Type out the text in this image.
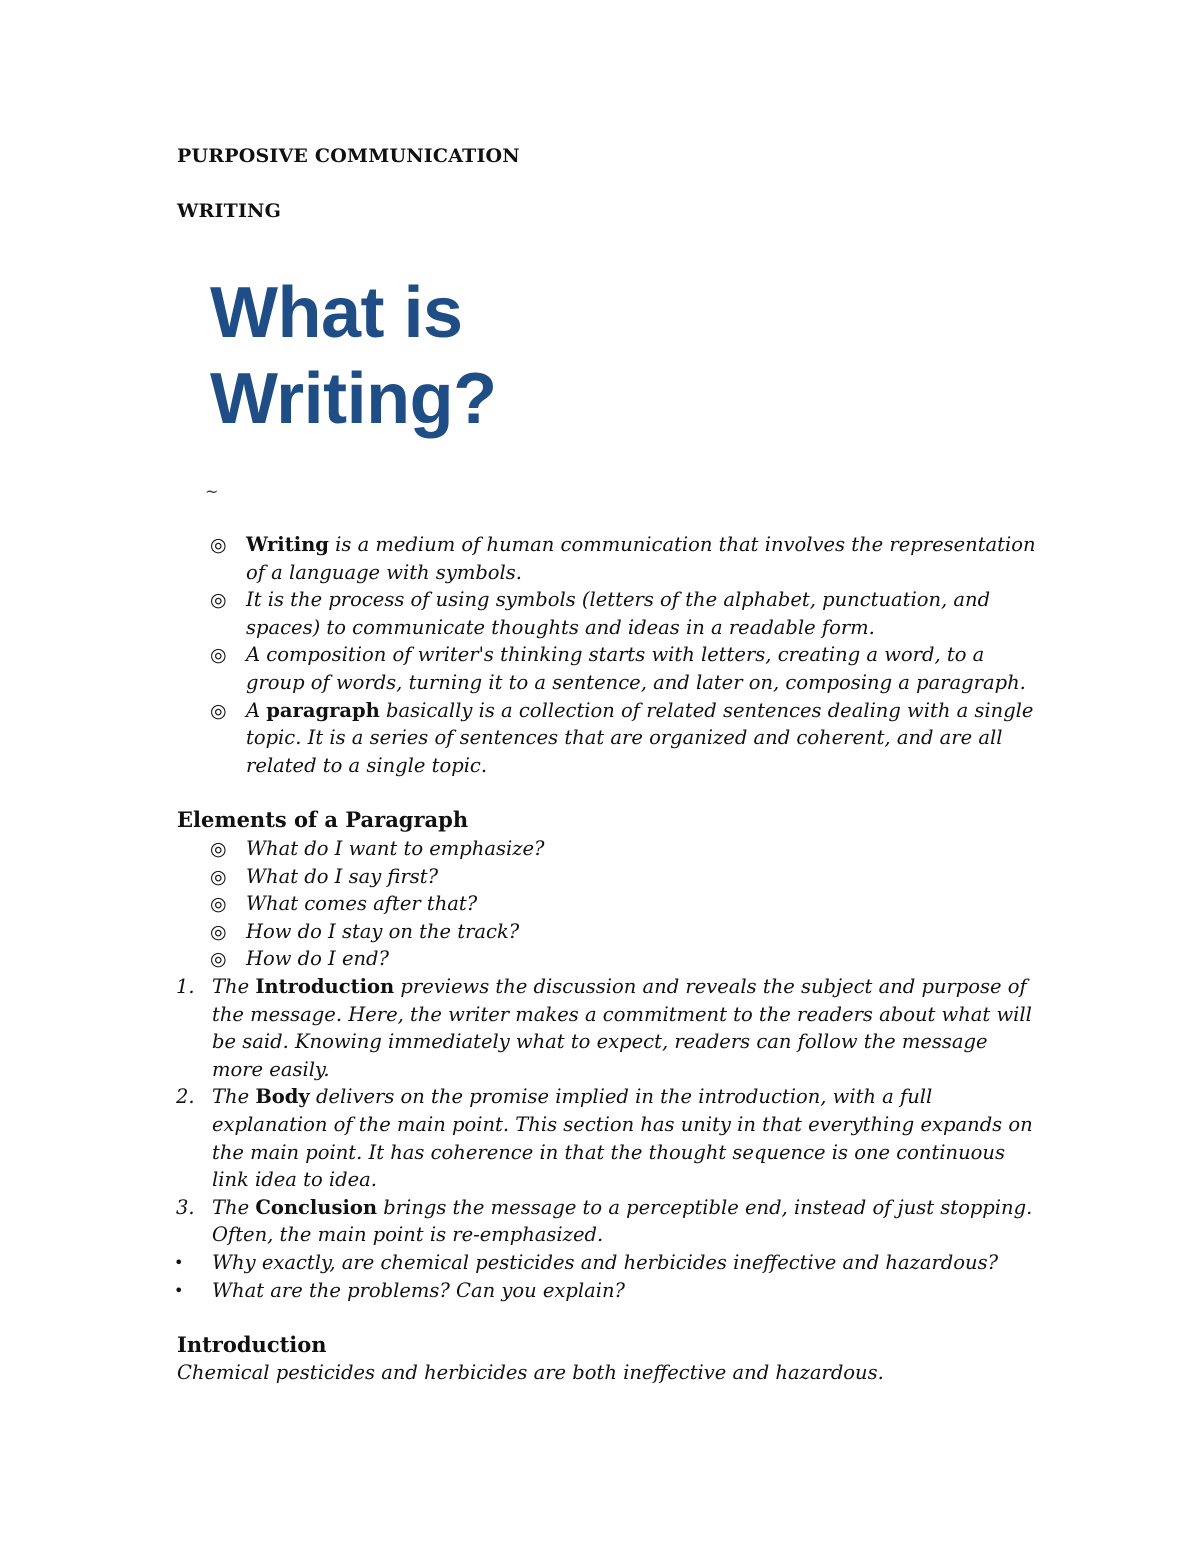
PURPOSIVE COMMUNICATION
WRITING
What is
Writing?
~
◎ Writing is a medium of human communication that involves the representation of a language with symbols.
◎ It is the process of using symbols (letters of the alphabet, punctuation, and spaces) to communicate thoughts and ideas in a readable form.
◎ A composition of writer's thinking starts with letters, creating a word, to a group of words, turning it to a sentence, and later on, composing a paragraph.
◎ A paragraph basically is a collection of related sentences dealing with a single topic. It is a series of sentences that are organized and coherent, and are all related to a single topic.
Elements of a Paragraph
◎ What do I want to emphasize?
◎ What do I say first?
◎ What comes after that?
◎ How do I stay on the track?
◎ How do I end?
1. The Introduction previews the discussion and reveals the subject and purpose of the message. Here, the writer makes a commitment to the readers about what will be said. Knowing immediately what to expect, readers can follow the message more easily.
2. The Body delivers on the promise implied in the introduction, with a full explanation of the main point. This section has unity in that everything expands on the main point. It has coherence in that the thought sequence is one continuous link idea to idea.
3. The Conclusion brings the message to a perceptible end, instead of just stopping. Often, the main point is re-emphasized.
• Why exactly, are chemical pesticides and herbicides ineffective and hazardous?
• What are the problems? Can you explain?
Introduction
Chemical pesticides and herbicides are both ineffective and hazardous.
